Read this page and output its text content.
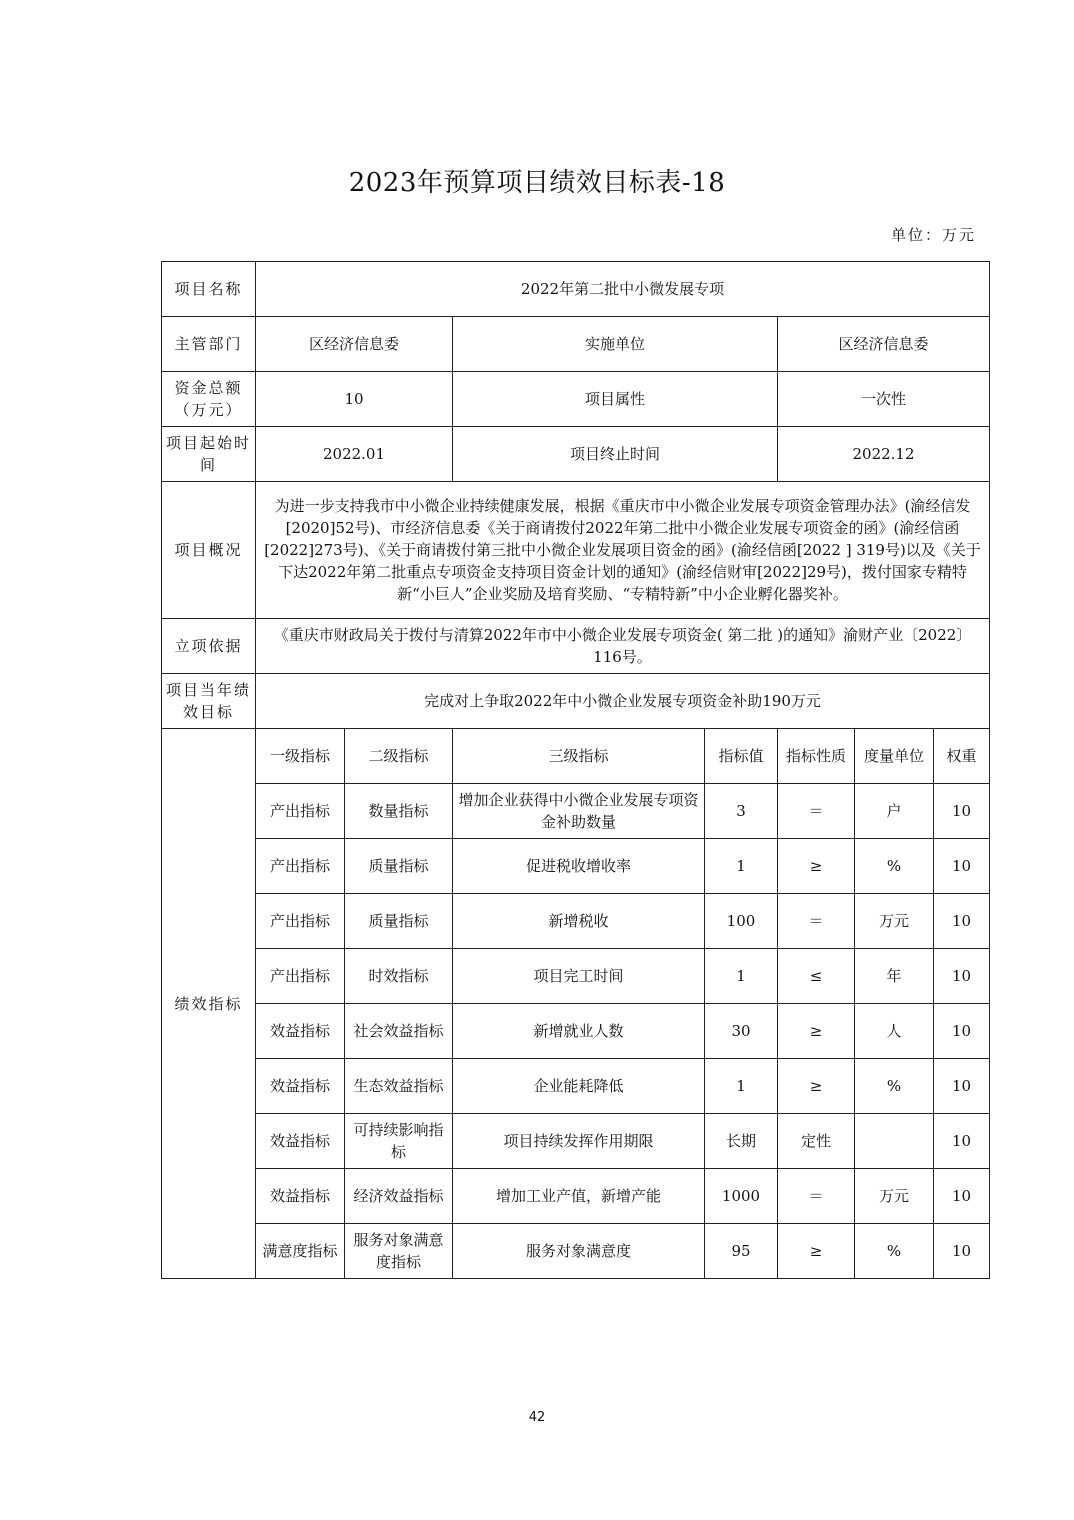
2023年预算项目绩效目标表-18
单位：万元
项目名称	2022年第二批中小微发展专项						
主管部门	区经济信息委		实施单位		区经济信息委		
资金总额（万元）	10		项目属性		一次性		
项目起始时间	2022.01		项目终止时间		2022.12		
项目概况	为进一步支持我市中小微企业持续健康发展，根据《重庆市中小微企业发展专项资金管理办法》(渝经信发[2020]52号)、市经济信息委《关于商请拨付2022年第二批中小微企业发展专项资金的函》(渝经信函[2022]273号)、《关于商请拨付第三批中小微企业发展项目资金的函》(渝经信函[2022 ] 319号)以及《关于下达2022年第二批重点专项资金支持项目资金计划的通知》(渝经信财审[2022]29号)，拨付国家专精特新“小巨人”企业奖励及培育奖励、“专精特新”中小企业孵化器奖补。						
立项依据	《重庆市财政局关于拨付与清算2022年市中小微企业发展专项资金( 第二批 )的通知》渝财产业〔2022〕116号。						
项目当年绩效目标	完成对上争取2022年中小微企业发展专项资金补助190万元						
绩效指标	一级指标	二级指标	三级指标	指标值	指标性质	度量单位	权重
	产出指标	数量指标	增加企业获得中小微企业发展专项资金补助数量	3	＝	户	10
	产出指标	质量指标	促进税收增收率	1	≥	%	10
	产出指标	质量指标	新增税收	100	＝	万元	10
	产出指标	时效指标	项目完工时间	1	≤	年	10
	效益指标	社会效益指标	新增就业人数	30	≥	人	10
	效益指标	生态效益指标	企业能耗降低	1	≥	%	10
	效益指标	可持续影响指标	项目持续发挥作用期限	长期	定性		10
	效益指标	经济效益指标	增加工业产值，新增产能	1000	＝	万元	10
	满意度指标	服务对象满意度指标	服务对象满意度	95	≥	%	10
42
